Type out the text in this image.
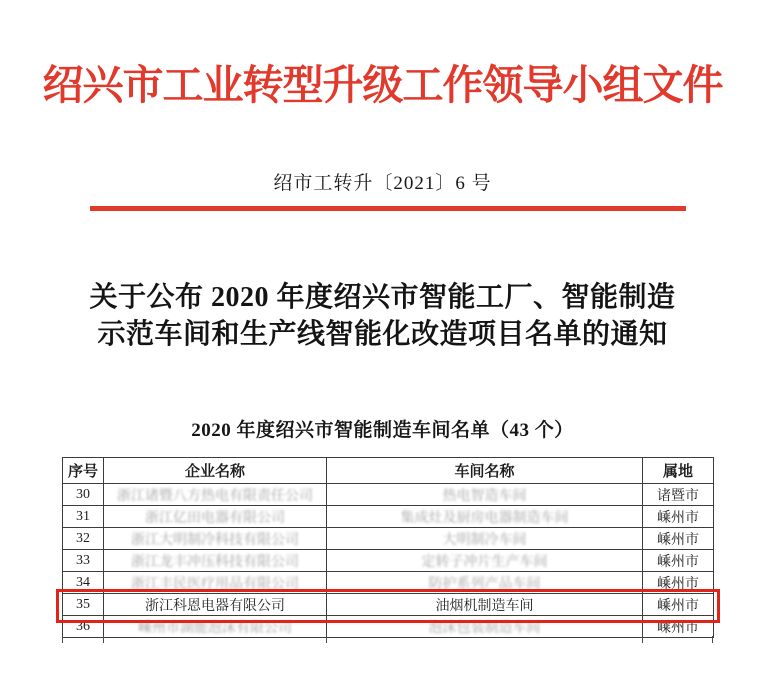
绍兴市工业转型升级工作领导小组文件
绍市工转升〔2021〕6 号
关于公布 2020 年度绍兴市智能工厂、智能制造
示范车间和生产线智能化改造项目名单的通知
2020 年度绍兴市智能制造车间名单（43 个）
序号	企业名称	车间名称	属地
30	浙江诸暨八方热电有限责任公司	热电智造车间	诸暨市
31	浙江亿田电器有限公司	集成灶及厨房电器制造车间	嵊州市
32	浙江大明制冷科技有限公司	大明制冷车间	嵊州市
33	浙江龙丰冲压科技有限公司	定转子冲片生产车间	嵊州市
34	浙江丰民医疗用品有限公司	防护系列产品车间	嵊州市
35	浙江科恩电器有限公司	油烟机制造车间	嵊州市
36	嵊州市湖能泡沫有限公司	泡沫包装制造车间	嵊州市
